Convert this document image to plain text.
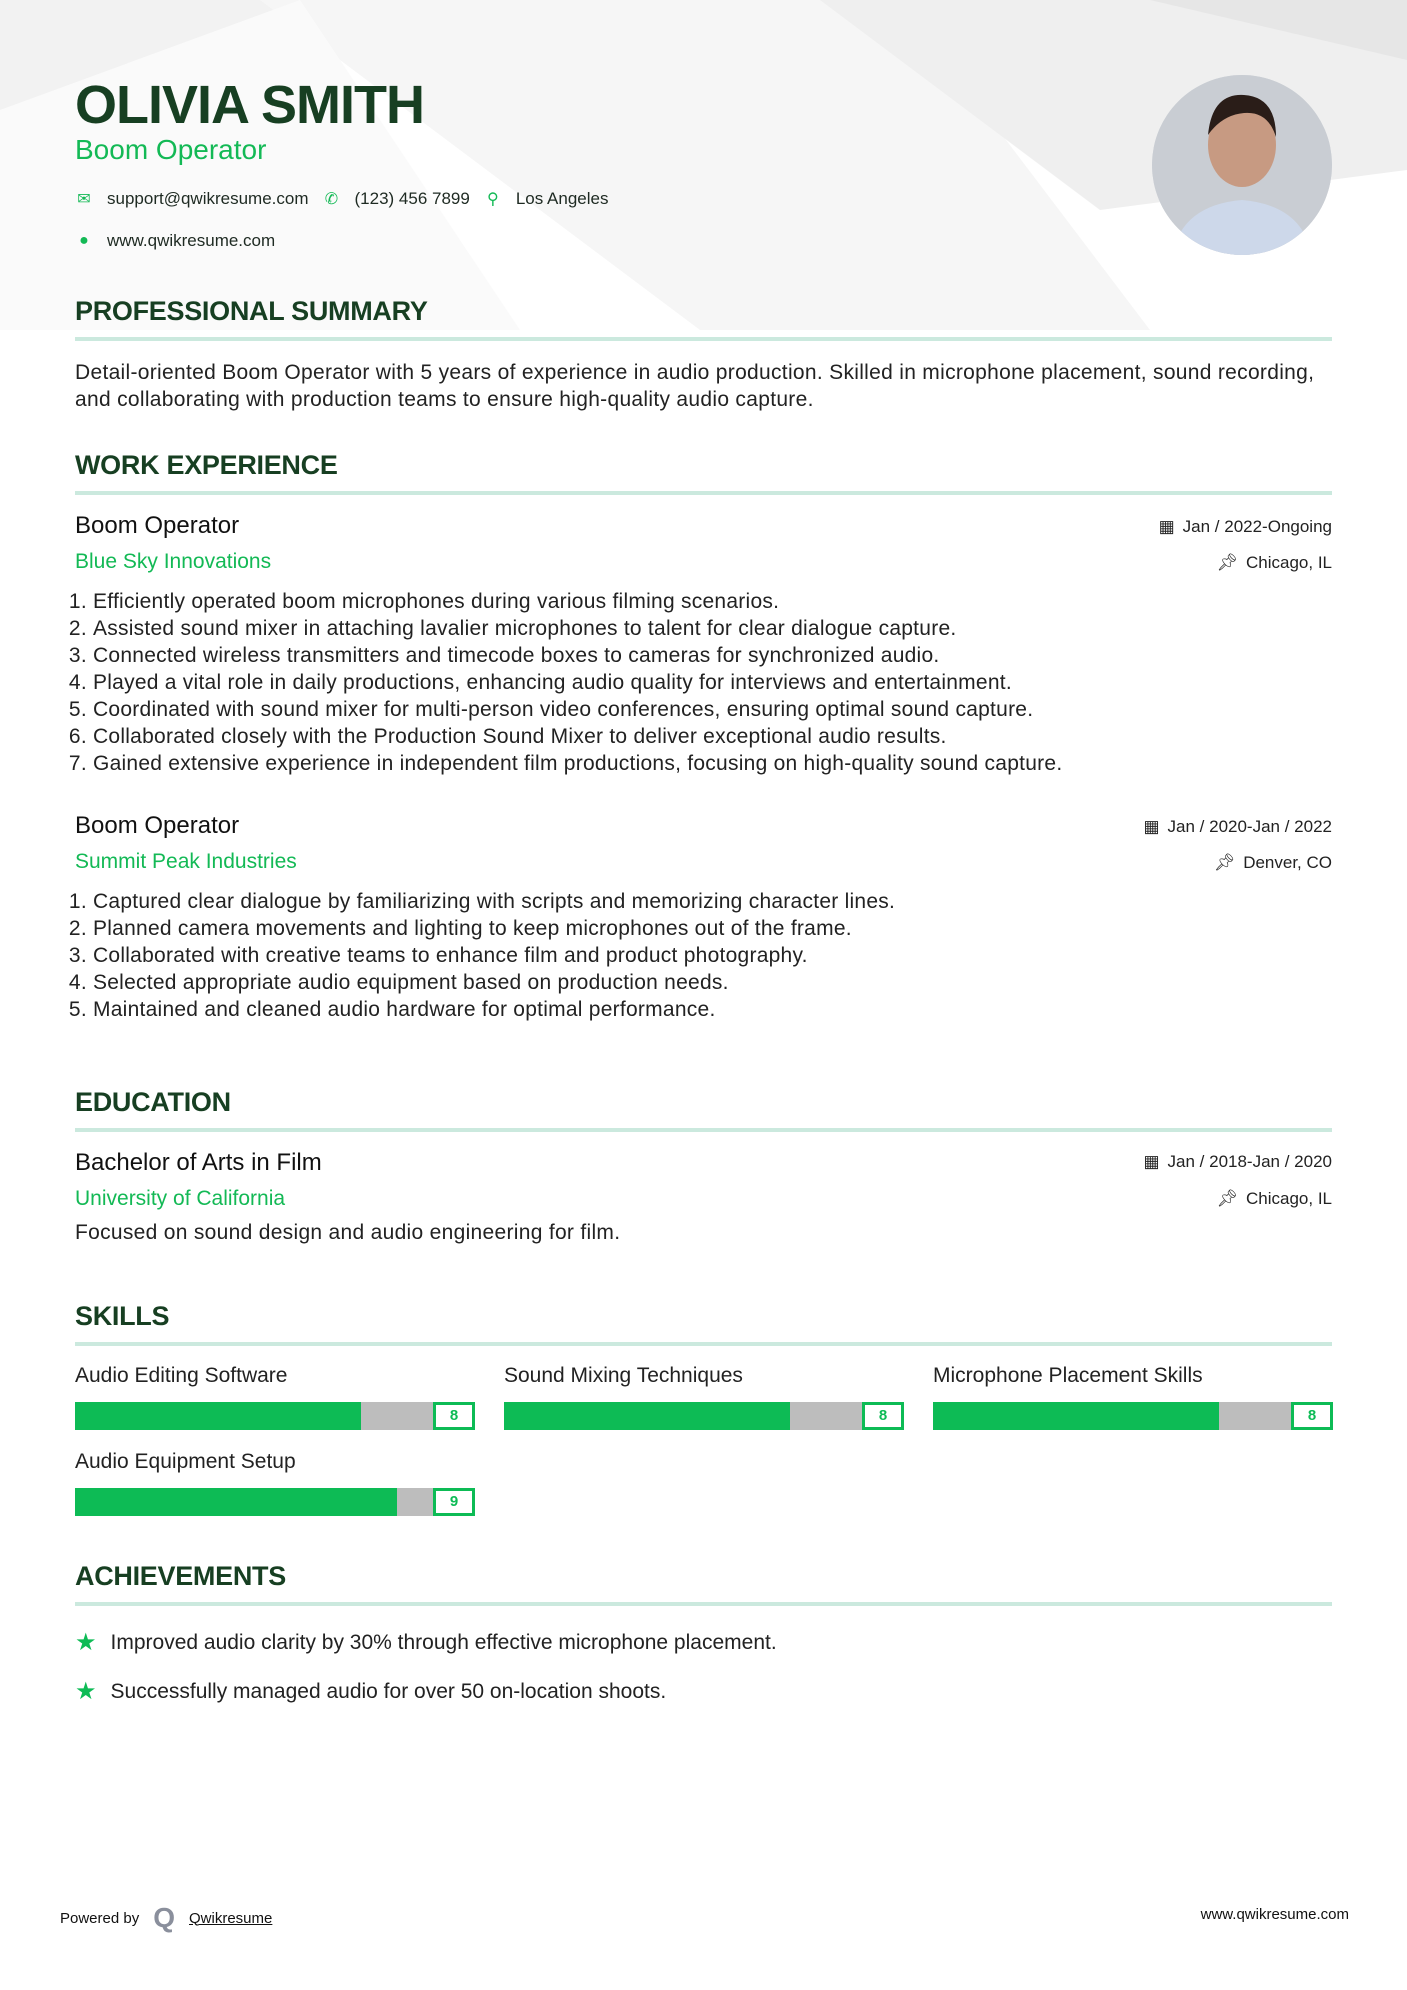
OLIVIA SMITH
Boom Operator
✉ support@qwikresume.com ✆ (123) 456 7899 ⚲ Los Angeles
● www.qwikresume.com
PROFESSIONAL SUMMARY

Detail-oriented Boom Operator with 5 years of experience in audio production. Skilled in microphone placement, sound recording, and collaborating with production teams to ensure high-quality audio capture.

WORK EXPERIENCE
Boom Operator	▦ Jan / 2022-Ongoing
Blue Sky Innovations	📌︎ Chicago, IL
1. Efficiently operated boom microphones during various filming scenarios.
2. Assisted sound mixer in attaching lavalier microphones to talent for clear dialogue capture.
3. Connected wireless transmitters and timecode boxes to cameras for synchronized audio.
4. Played a vital role in daily productions, enhancing audio quality for interviews and entertainment.
5. Coordinated with sound mixer for multi-person video conferences, ensuring optimal sound capture.
6. Collaborated closely with the Production Sound Mixer to deliver exceptional audio results.
7. Gained extensive experience in independent film productions, focusing on high-quality sound capture.
Boom Operator	▦ Jan / 2020-Jan / 2022
Summit Peak Industries	📌︎ Denver, CO
1. Captured clear dialogue by familiarizing with scripts and memorizing character lines.
2. Planned camera movements and lighting to keep microphones out of the frame.
3. Collaborated with creative teams to enhance film and product photography.
4. Selected appropriate audio equipment based on production needs.
5. Maintained and cleaned audio hardware for optimal performance.
EDUCATION
Bachelor of Arts in Film	▦ Jan / 2018-Jan / 2020
University of California	📌︎ Chicago, IL
Focused on sound design and audio engineering for film.
SKILLS
Audio Editing Software
8
Sound Mixing Techniques
8
Microphone Placement Skills
8
Audio Equipment Setup
9
ACHIEVEMENTS
★ Improved audio clarity by 30% through effective microphone placement.
★ Successfully managed audio for over 50 on-location shoots.
Powered by Q Qwikresume	www.qwikresume.com
